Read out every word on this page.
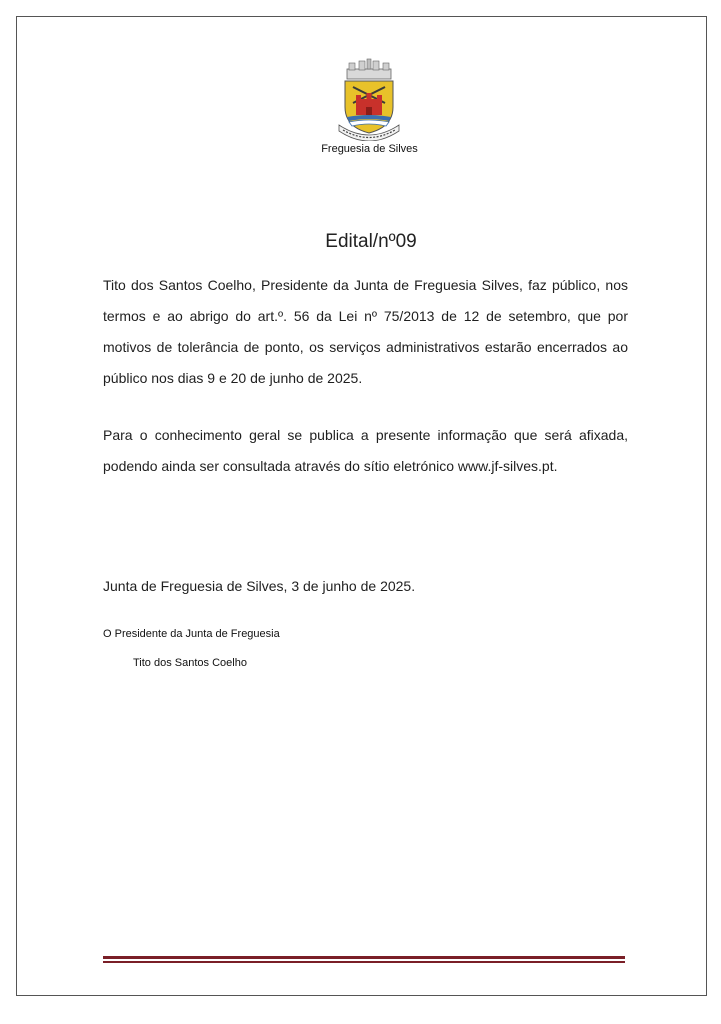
Freguesia de Silves
Edital/nº09
Tito dos Santos Coelho, Presidente da Junta de Freguesia Silves, faz público, nos termos e ao abrigo do art.º. 56 da Lei nº 75/2013 de 12 de setembro, que por motivos de tolerância de ponto, os serviços administrativos estarão encerrados ao público nos dias 9 e 20 de junho de 2025.
Para o conhecimento geral se publica a presente informação que será afixada, podendo ainda ser consultada através do sítio eletrónico www.jf-silves.pt.
Junta de Freguesia de Silves, 3 de junho de 2025.
O Presidente da Junta de Freguesia
Tito dos Santos Coelho
